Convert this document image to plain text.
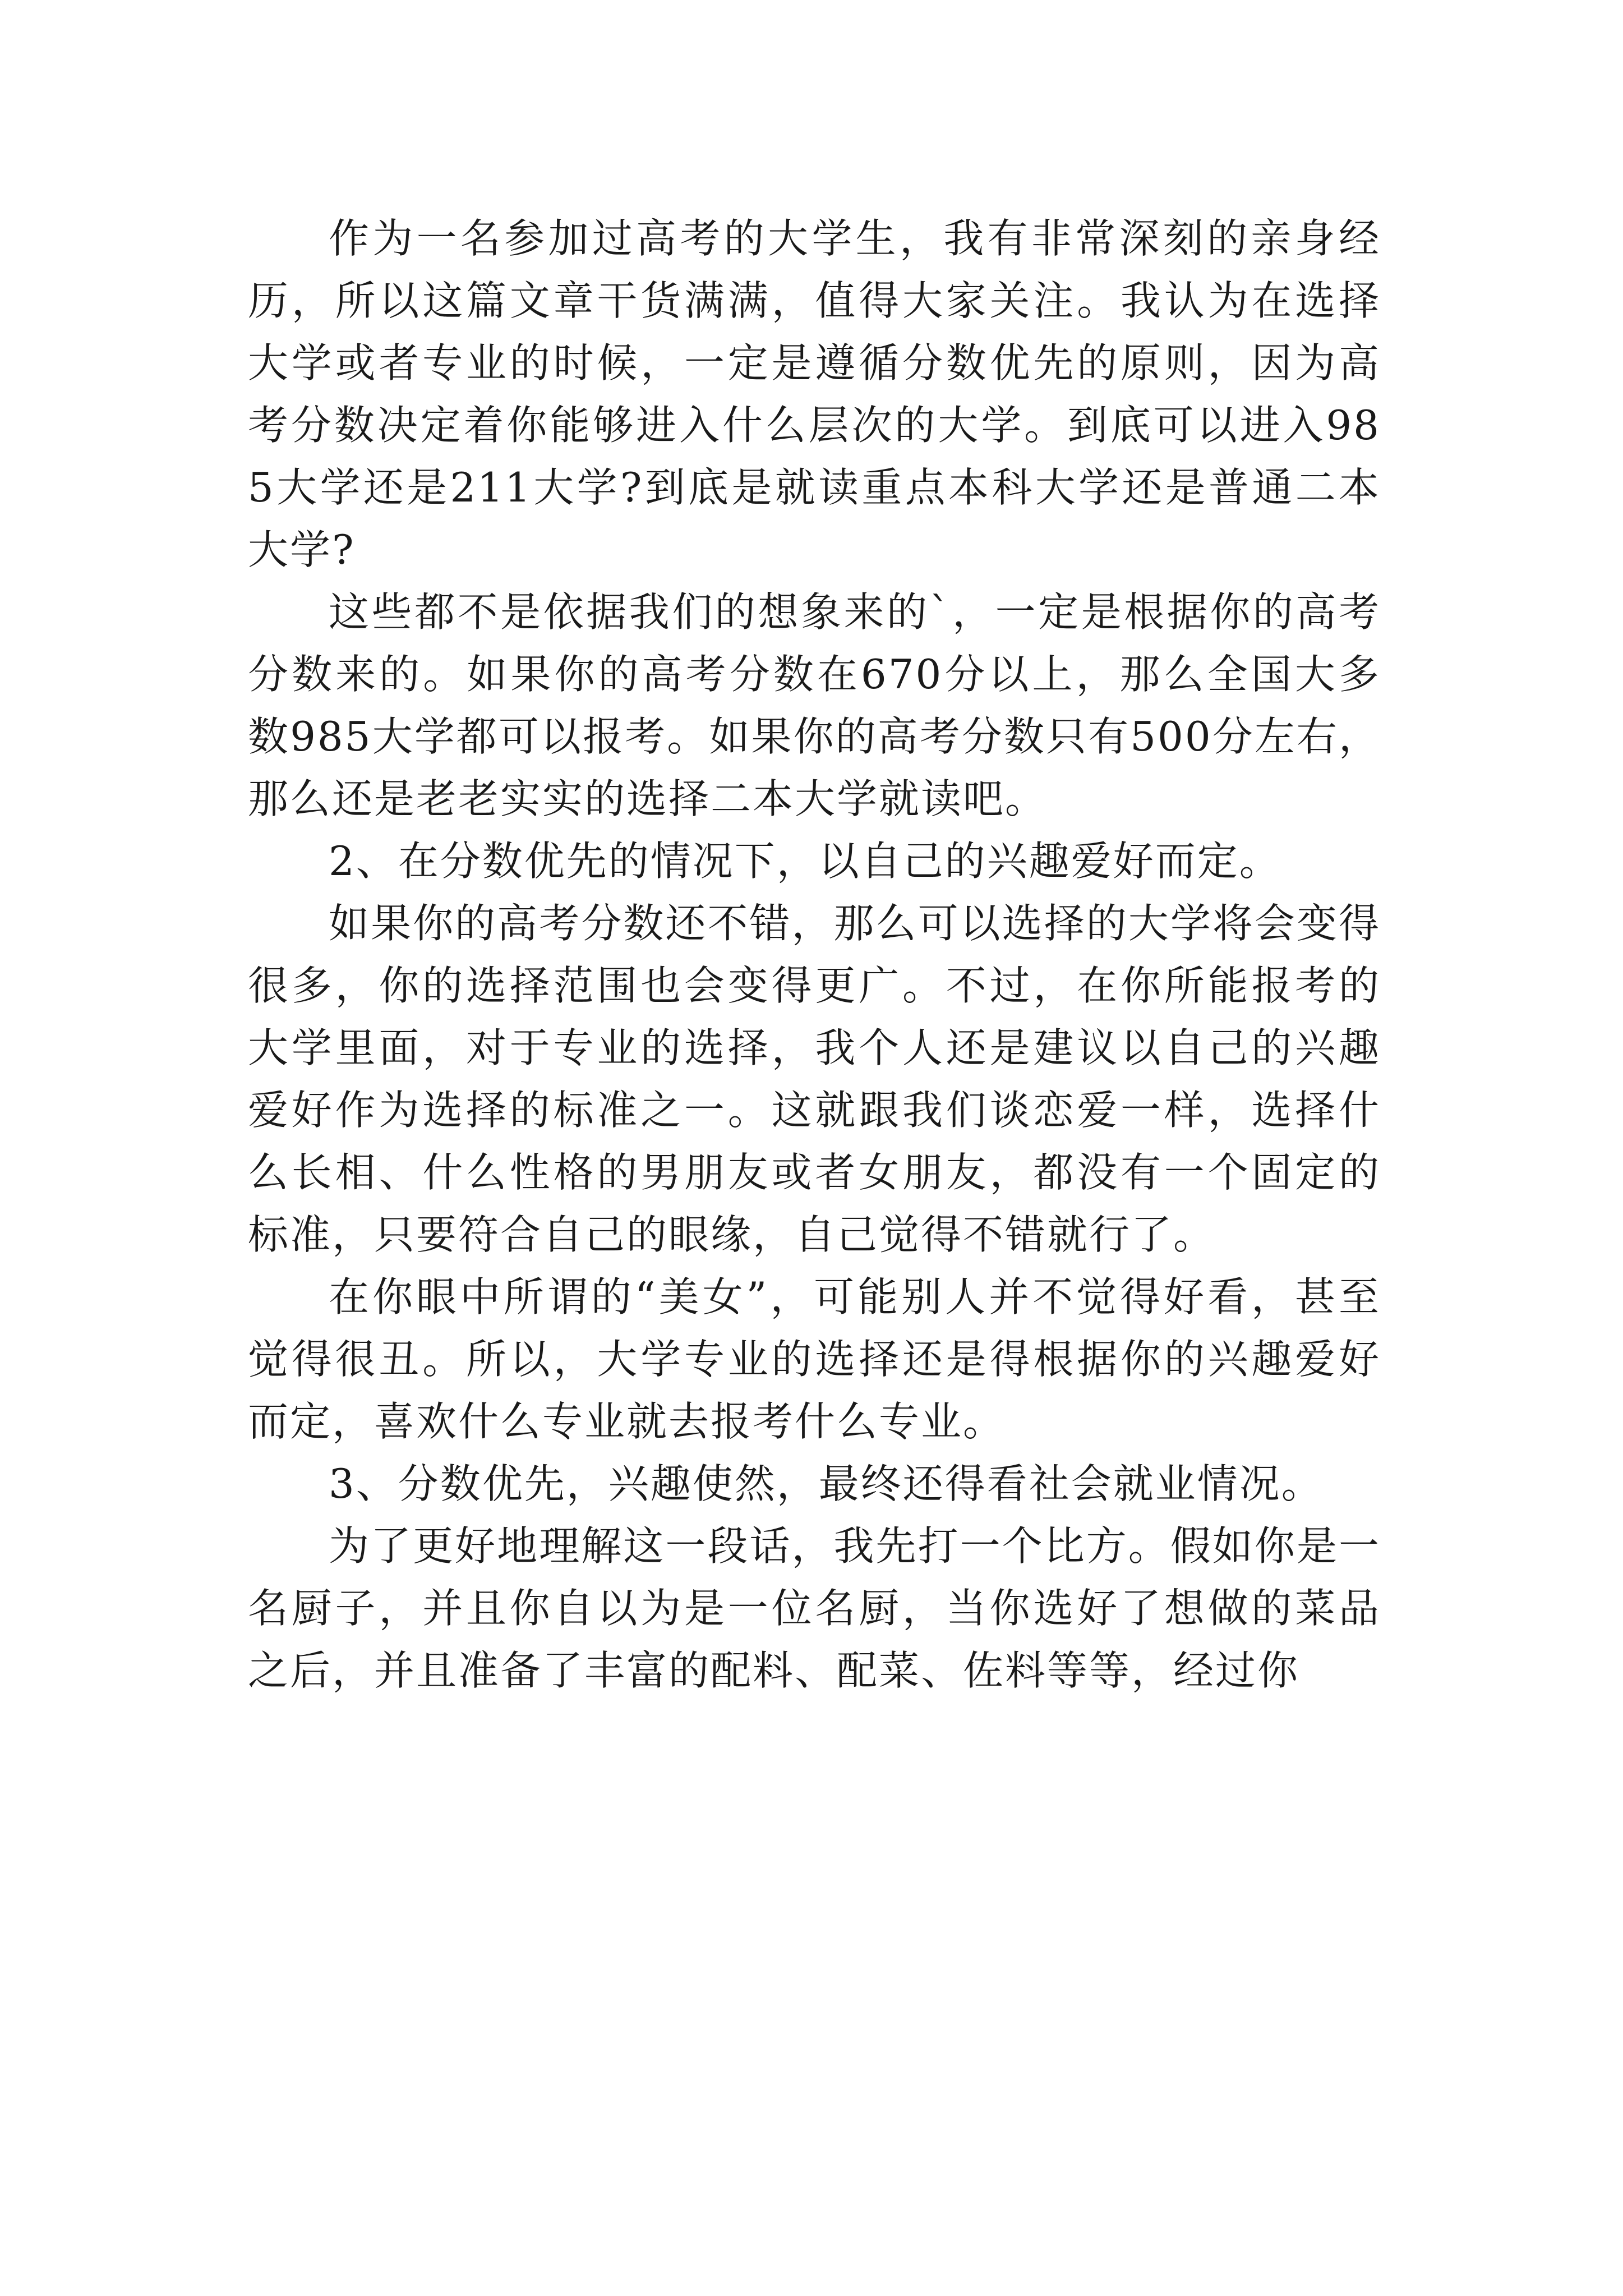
作为一名参加过高考的大学生，我有非常深刻的亲身经历，所以这篇文章干货满满，值得大家关注。我认为在选择大学或者专业的时候，一定是遵循分数优先的原则，因为高考分数决定着你能够进入什么层次的大学。到底可以进入985大学还是211大学?到底是就读重点本科大学还是普通二本大学?

这些都不是依据我们的想象来的`，一定是根据你的高考分数来的。如果你的高考分数在670分以上，那么全国大多数985大学都可以报考。如果你的高考分数只有500分左右，那么还是老老实实的选择二本大学就读吧。

2、在分数优先的情况下，以自己的兴趣爱好而定。

如果你的高考分数还不错，那么可以选择的大学将会变得很多，你的选择范围也会变得更广。不过，在你所能报考的大学里面，对于专业的选择，我个人还是建议以自己的兴趣爱好作为选择的标准之一。这就跟我们谈恋爱一样，选择什么长相、什么性格的男朋友或者女朋友，都没有一个固定的标准，只要符合自己的眼缘，自己觉得不错就行了。

在你眼中所谓的“美女”，可能别人并不觉得好看，甚至觉得很丑。所以，大学专业的选择还是得根据你的兴趣爱好而定，喜欢什么专业就去报考什么专业。

3、分数优先，兴趣使然，最终还得看社会就业情况。

为了更好地理解这一段话，我先打一个比方。假如你是一名厨子，并且你自以为是一位名厨，当你选好了想做的菜品之后，并且准备了丰富的配料、配菜、佐料等等，经过你
